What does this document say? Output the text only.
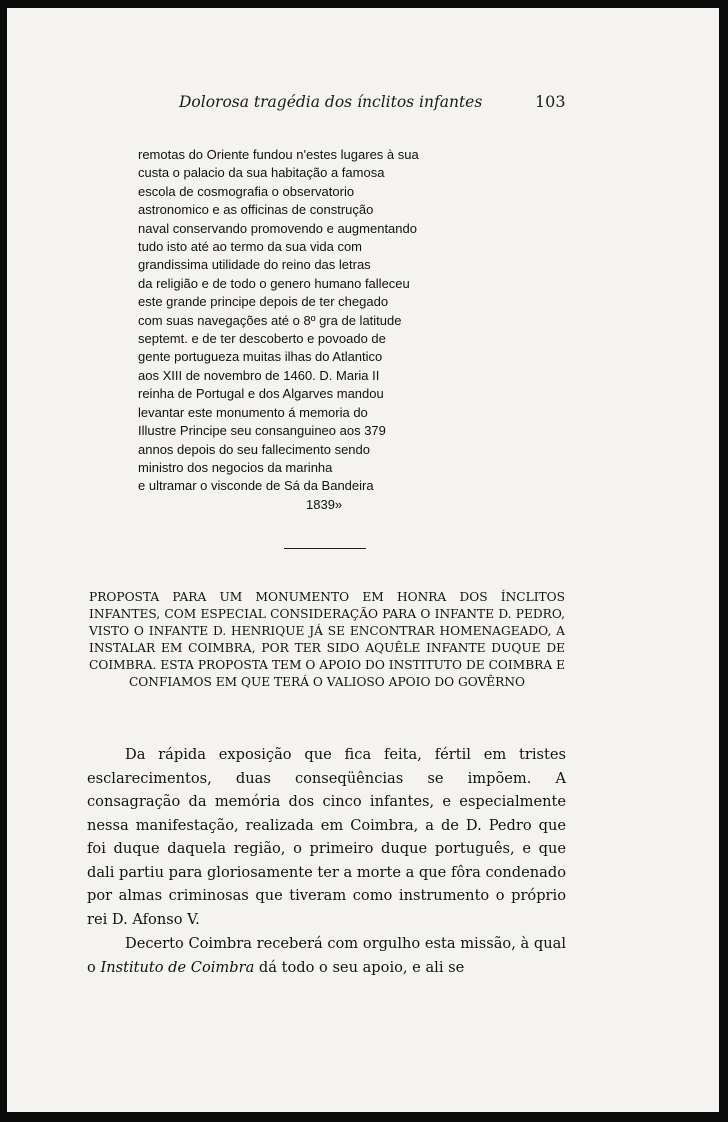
Dolorosa tragédia dos ínclitos infantes	103
remotas do Oriente fundou n'estes lugares à sua
custa o palacio da sua habitação a famosa
escola de cosmografia o observatorio
astronomico e as officinas de construção
naval conservando promovendo e augmentando
tudo isto até ao termo da sua vida com
grandissima utilidade do reino das letras
da religião e de todo o genero humano falleceu
este grande principe depois de ter chegado
com suas navegações até o 8º gra de latitude
septemt. e de ter descoberto e povoado de
gente portugueza muitas ilhas do Atlantico
aos XIII de novembro de 1460. D. Maria II
reinha de Portugal e dos Algarves mandou
levantar este monumento á memoria do
Illustre Principe seu consanguineo aos 379
annos depois do seu fallecimento sendo
ministro dos negocios da marinha
e ultramar o visconde de Sá da Bandeira
1839»
PROPOSTA PARA UM MONUMENTO EM HONRA DOS ÍNCLITOS INFANTES, COM ESPECIAL CONSIDERAÇÃO PARA O INFANTE D. PEDRO, VISTO O INFANTE D. HENRIQUE JÁ SE ENCONTRAR HOMENAGEADO, A INSTALAR EM COIMBRA, POR TER SIDO AQUÊLE INFANTE DUQUE DE COIMBRA. ESTA PROPOSTA TEM O APOIO DO INSTITUTO DE COIMBRA E CONFIAMOS EM QUE TERÁ O VALIOSO APOIO DO GOVÊRNO

Da rápida exposição que fica feita, fértil em tristes esclarecimentos, duas conseqüências se impõem. A consagração da memória dos cinco infantes, e especialmente nessa manifestação, realizada em Coimbra, a de D. Pedro que foi duque daquela região, o primeiro duque português, e que dali partiu para gloriosamente ter a morte a que fôra condenado por almas criminosas que tiveram como instrumento o próprio rei D. Afonso V.

Decerto Coimbra receberá com orgulho esta missão, à qual o Instituto de Coimbra dá todo o seu apoio, e ali se
